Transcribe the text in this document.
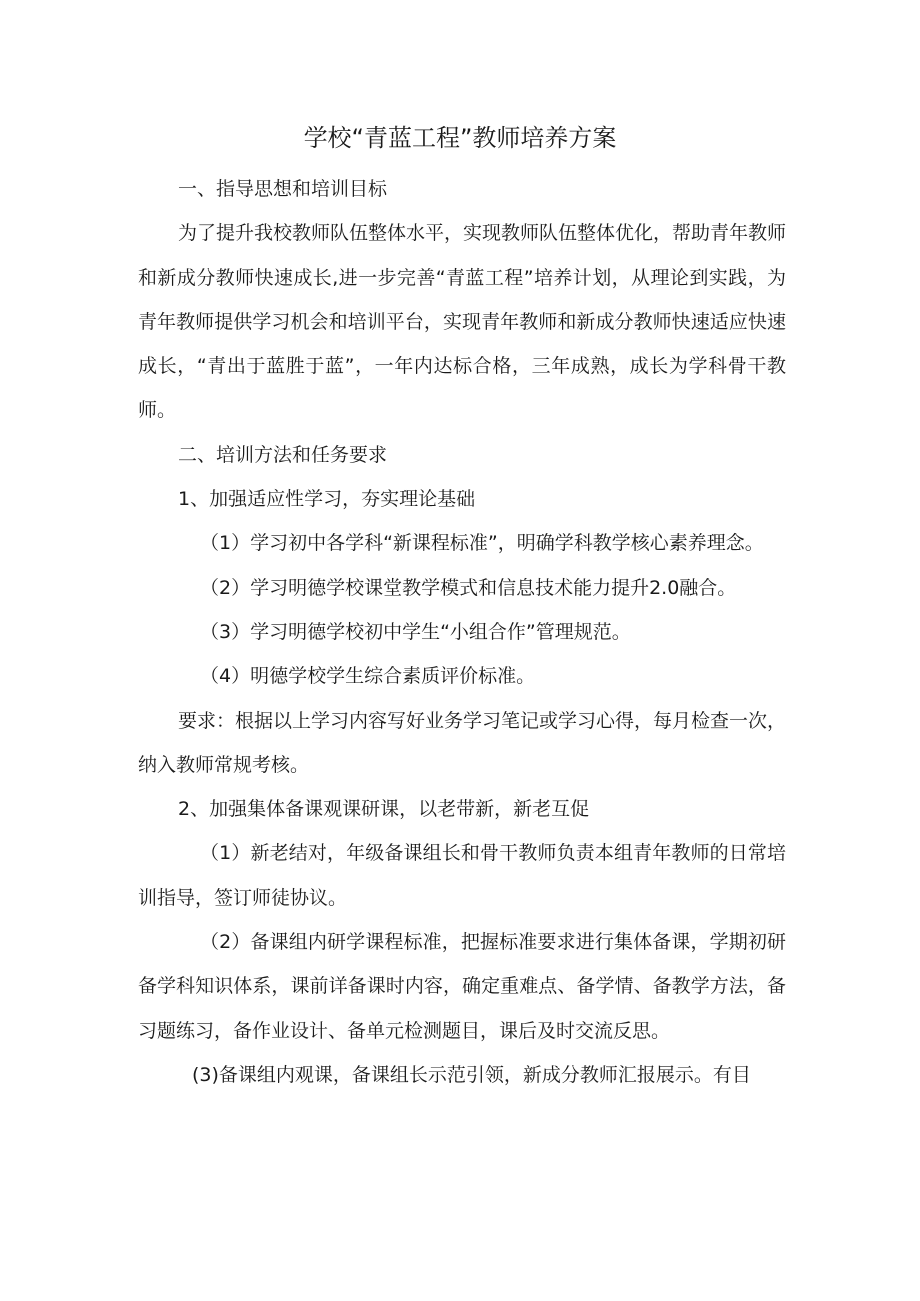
学校“青蓝工程”教师培养方案

一、指导思想和培训目标

为了提升我校教师队伍整体水平，实现教师队伍整体优化，帮助青年教师和新成分教师快速成长,进一步完善“青蓝工程”培养计划，从理论到实践，为青年教师提供学习机会和培训平台，实现青年教师和新成分教师快速适应快速成长，“青出于蓝胜于蓝”，一年内达标合格，三年成熟，成长为学科骨干教师。

二、培训方法和任务要求

1、加强适应性学习，夯实理论基础

（1）学习初中各学科“新课程标准”，明确学科教学核心素养理念。

（2）学习明德学校课堂教学模式和信息技术能力提升2.0融合。

（3）学习明德学校初中学生“小组合作”管理规范。

（4）明德学校学生综合素质评价标准。

要求：根据以上学习内容写好业务学习笔记或学习心得，每月检查一次，纳入教师常规考核。

2、加强集体备课观课研课，以老带新，新老互促

（1）新老结对，年级备课组长和骨干教师负责本组青年教师的日常培训指导，签订师徒协议。

（2）备课组内研学课程标准，把握标准要求进行集体备课，学期初研备学科知识体系，课前详备课时内容，确定重难点、备学情、备教学方法，备习题练习，备作业设计、备单元检测题目，课后及时交流反思。

(3)备课组内观课，备课组长示范引领，新成分教师汇报展示。有目
